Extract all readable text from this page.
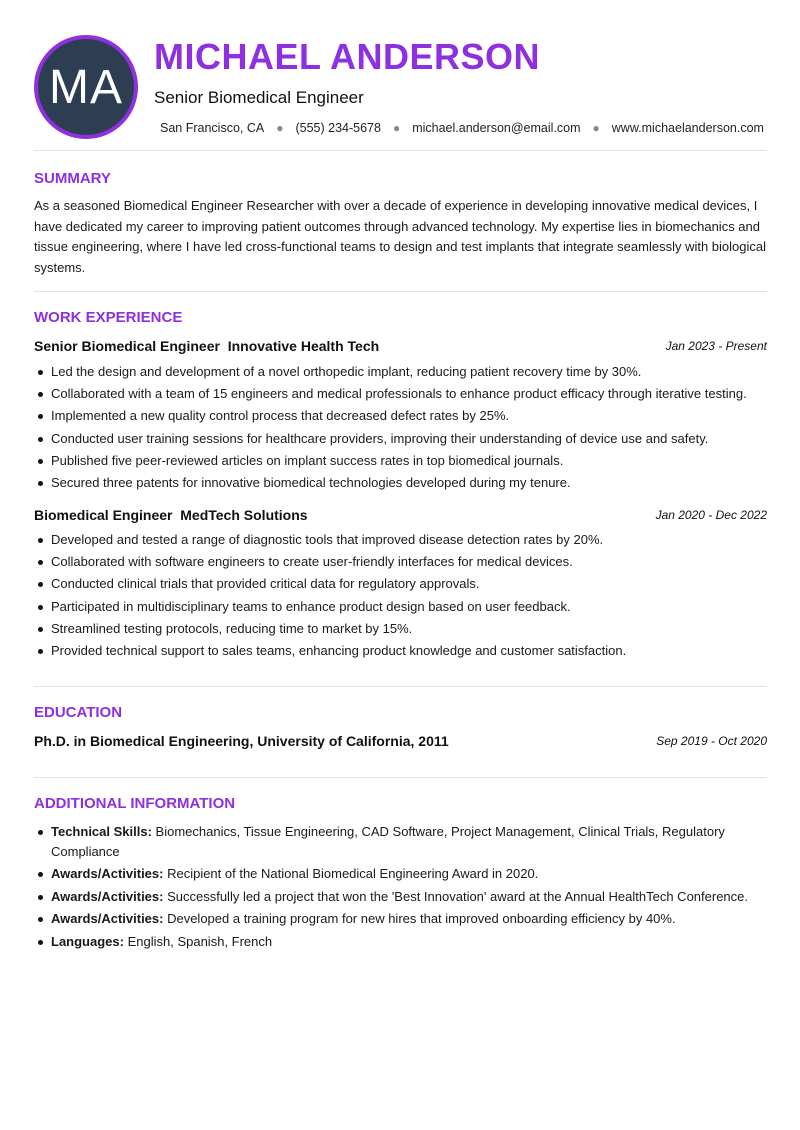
MA
MICHAEL ANDERSON
Senior Biomedical Engineer
San Francisco, CA ● (555) 234-5678 ● michael.anderson@email.com ● www.michaelanderson.com
SUMMARY

As a seasoned Biomedical Engineer Researcher with over a decade of experience in developing innovative medical devices, I have dedicated my career to improving patient outcomes through advanced technology. My expertise lies in biomechanics and tissue engineering, where I have led cross-functional teams to design and test implants that integrate seamlessly with biological systems.

WORK EXPERIENCE
Senior Biomedical Engineer  Innovative Health Tech	Jan 2023 - Present
Led the design and development of a novel orthopedic implant, reducing patient recovery time by 30%.
Collaborated with a team of 15 engineers and medical professionals to enhance product efficacy through iterative testing.
Implemented a new quality control process that decreased defect rates by 25%.
Conducted user training sessions for healthcare providers, improving their understanding of device use and safety.
Published five peer-reviewed articles on implant success rates in top biomedical journals.
Secured three patents for innovative biomedical technologies developed during my tenure.
Biomedical Engineer  MedTech Solutions	Jan 2020 - Dec 2022
Developed and tested a range of diagnostic tools that improved disease detection rates by 20%.
Collaborated with software engineers to create user-friendly interfaces for medical devices.
Conducted clinical trials that provided critical data for regulatory approvals.
Participated in multidisciplinary teams to enhance product design based on user feedback.
Streamlined testing protocols, reducing time to market by 15%.
Provided technical support to sales teams, enhancing product knowledge and customer satisfaction.
EDUCATION
Ph.D. in Biomedical Engineering, University of California, 2011	Sep 2019 - Oct 2020
ADDITIONAL INFORMATION
Technical Skills: Biomechanics, Tissue Engineering, CAD Software, Project Management, Clinical Trials, Regulatory Compliance
Awards/Activities: Recipient of the National Biomedical Engineering Award in 2020.
Awards/Activities: Successfully led a project that won the 'Best Innovation' award at the Annual HealthTech Conference.
Awards/Activities: Developed a training program for new hires that improved onboarding efficiency by 40%.
Languages: English, Spanish, French
